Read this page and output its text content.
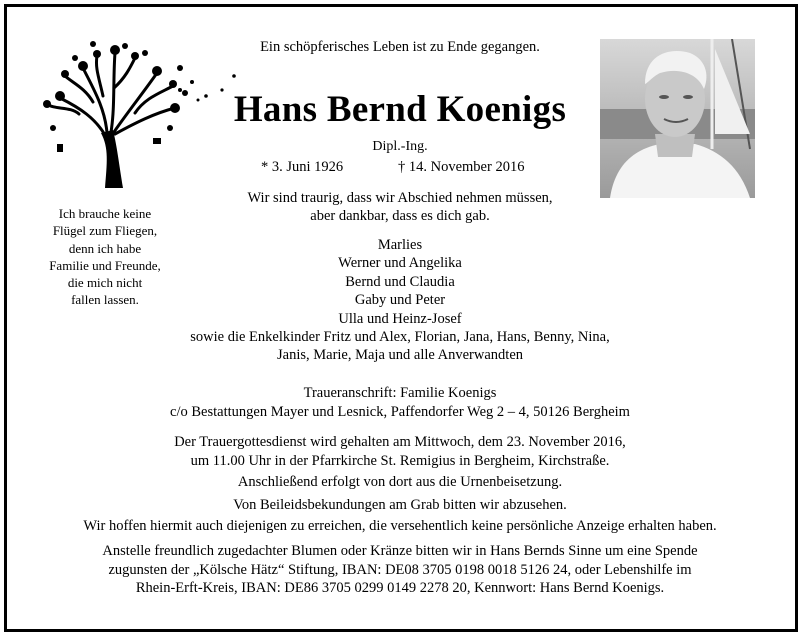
Ein schöpferisches Leben ist zu Ende gegangen.
Hans Bernd Koenigs
Dipl.-Ing.
* 3. Juni 1926	† 14. November 2016
Ich brauche keine
Flügel zum Fliegen,
denn ich habe
Familie und Freunde,
die mich nicht
fallen lassen.
Wir sind traurig, dass wir Abschied nehmen müssen,
aber dankbar, dass es dich gab.
Marlies
Werner und Angelika
Bernd und Claudia
Gaby und Peter
Ulla und Heinz-Josef
sowie die Enkelkinder Fritz und Alex, Florian, Jana, Hans, Benny, Nina,
Janis, Marie, Maja und alle Anverwandten
Traueranschrift: Familie Koenigs
c/o Bestattungen Mayer und Lesnick, Paffendorfer Weg 2 – 4, 50126 Bergheim
Der Trauergottesdienst wird gehalten am Mittwoch, dem 23. November 2016,
um 11.00 Uhr in der Pfarrkirche St. Remigius in Bergheim, Kirchstraße.
Anschließend erfolgt von dort aus die Urnenbeisetzung.
Von Beileidsbekundungen am Grab bitten wir abzusehen.
Wir hoffen hiermit auch diejenigen zu erreichen, die versehentlich keine persönliche Anzeige erhalten haben.
Anstelle freundlich zugedachter Blumen oder Kränze bitten wir in Hans Bernds Sinne um eine Spende
zugunsten der „Kölsche Hätz“ Stiftung, IBAN: DE08 3705 0198 0018 5126 24, oder Lebenshilfe im
Rhein-Erft-Kreis, IBAN: DE86 3705 0299 0149 2278 20, Kennwort: Hans Bernd Koenigs.
